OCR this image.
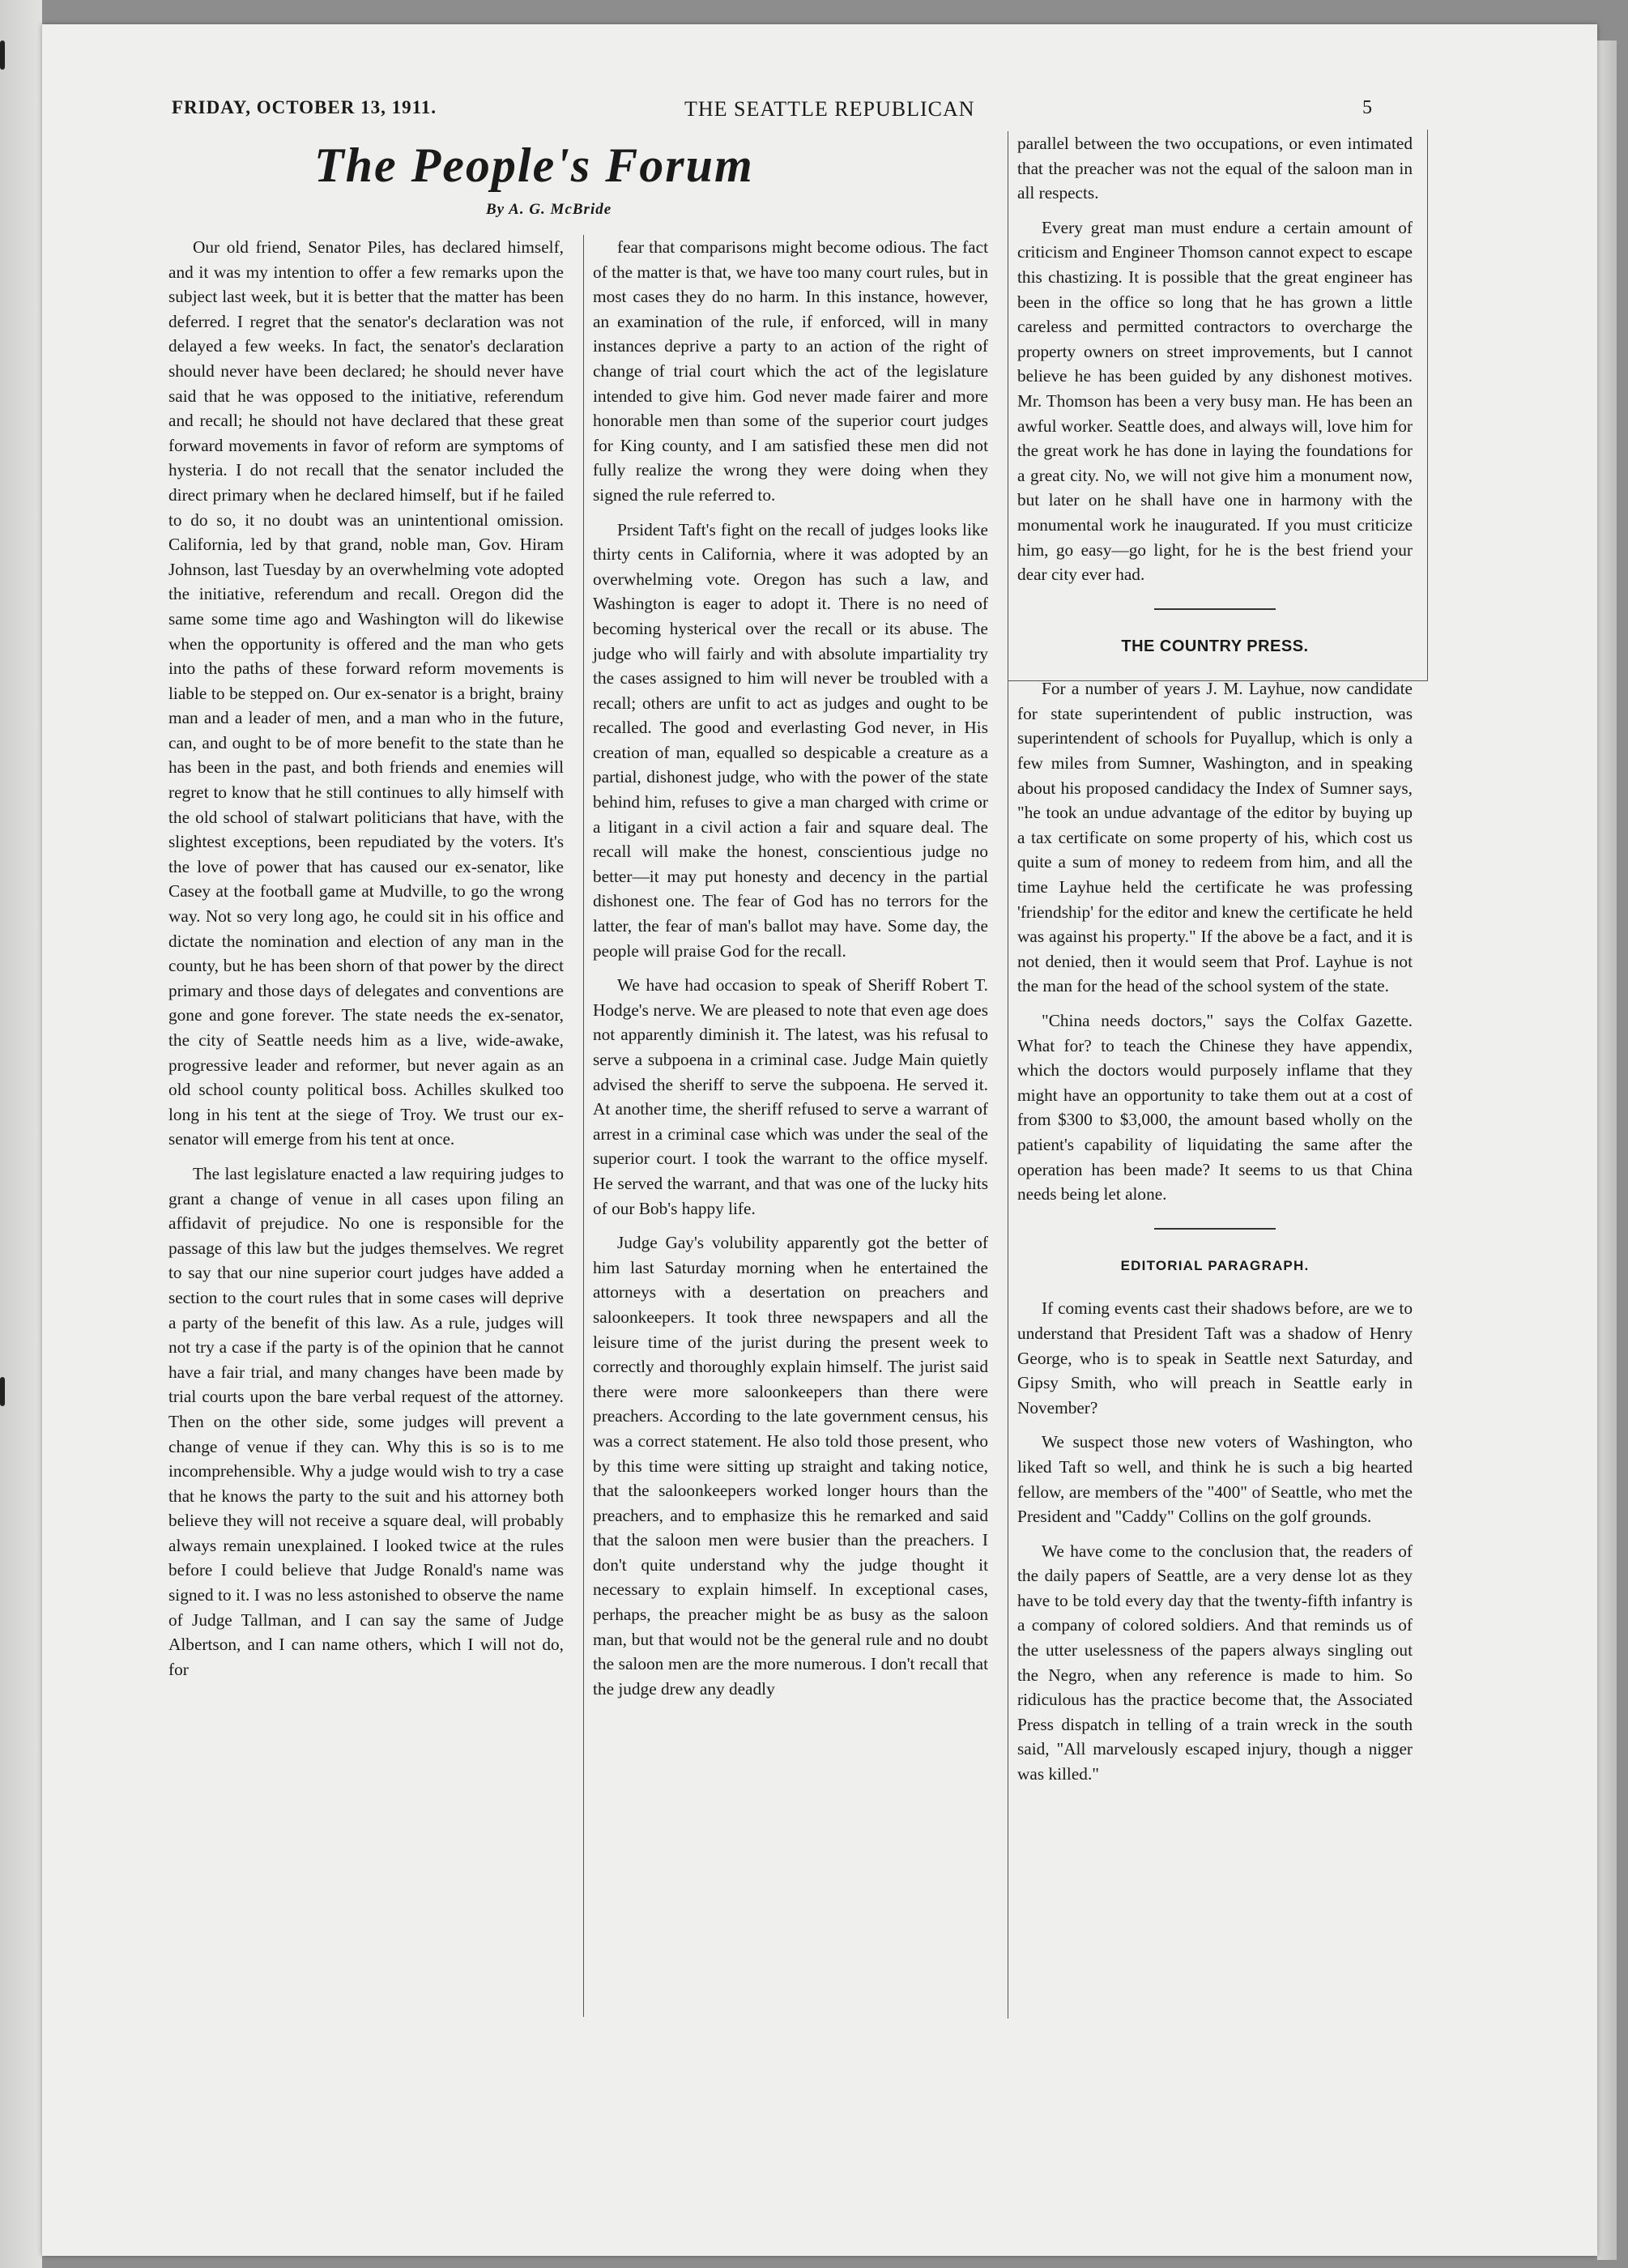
FRIDAY, OCTOBER 13, 1911.	THE SEATTLE REPUBLICAN	5
The People's Forum
By A. G. McBride

Our old friend, Senator Piles, has declared himself, and it was my intention to offer a few remarks upon the subject last week, but it is better that the matter has been deferred. I regret that the senator's declaration was not delayed a few weeks. In fact, the senator's declaration should never have been declared; he should never have said that he was opposed to the initiative, referendum and recall; he should not have declared that these great forward movements in favor of reform are symptoms of hysteria. I do not recall that the senator included the direct primary when he declared himself, but if he failed to do so, it no doubt was an unintentional omission. California, led by that grand, noble man, Gov. Hiram Johnson, last Tuesday by an overwhelming vote adopted the initiative, referendum and recall. Oregon did the same some time ago and Washington will do likewise when the opportunity is offered and the man who gets into the paths of these forward reform movements is liable to be stepped on. Our ex-senator is a bright, brainy man and a leader of men, and a man who in the future, can, and ought to be of more benefit to the state than he has been in the past, and both friends and enemies will regret to know that he still continues to ally himself with the old school of stalwart politicians that have, with the slightest exceptions, been repudiated by the voters. It's the love of power that has caused our ex-senator, like Casey at the football game at Mudville, to go the wrong way. Not so very long ago, he could sit in his office and dictate the nomination and election of any man in the county, but he has been shorn of that power by the direct primary and those days of delegates and conventions are gone and gone forever. The state needs the ex-senator, the city of Seattle needs him as a live, wide-awake, progressive leader and reformer, but never again as an old school county political boss. Achilles skulked too long in his tent at the siege of Troy. We trust our ex-senator will emerge from his tent at once.

The last legislature enacted a law requiring judges to grant a change of venue in all cases upon filing an affidavit of prejudice. No one is responsible for the passage of this law but the judges themselves. We regret to say that our nine superior court judges have added a section to the court rules that in some cases will deprive a party of the benefit of this law. As a rule, judges will not try a case if the party is of the opinion that he cannot have a fair trial, and many changes have been made by trial courts upon the bare verbal request of the attorney. Then on the other side, some judges will prevent a change of venue if they can. Why this is so is to me incomprehensible. Why a judge would wish to try a case that he knows the party to the suit and his attorney both believe they will not receive a square deal, will probably always remain unexplained. I looked twice at the rules before I could believe that Judge Ronald's name was signed to it. I was no less astonished to observe the name of Judge Tallman, and I can say the same of Judge Albertson, and I can name others, which I will not do, for

fear that comparisons might become odious. The fact of the matter is that, we have too many court rules, but in most cases they do no harm. In this instance, however, an examination of the rule, if enforced, will in many instances deprive a party to an action of the right of change of trial court which the act of the legislature intended to give him. God never made fairer and more honorable men than some of the superior court judges for King county, and I am satisfied these men did not fully realize the wrong they were doing when they signed the rule referred to.

Prsident Taft's fight on the recall of judges looks like thirty cents in California, where it was adopted by an overwhelming vote. Oregon has such a law, and Washington is eager to adopt it. There is no need of becoming hysterical over the recall or its abuse. The judge who will fairly and with absolute impartiality try the cases assigned to him will never be troubled with a recall; others are unfit to act as judges and ought to be recalled. The good and everlasting God never, in His creation of man, equalled so despicable a creature as a partial, dishonest judge, who with the power of the state behind him, refuses to give a man charged with crime or a litigant in a civil action a fair and square deal. The recall will make the honest, conscientious judge no better—it may put honesty and decency in the partial dishonest one. The fear of God has no terrors for the latter, the fear of man's ballot may have. Some day, the people will praise God for the recall.

We have had occasion to speak of Sheriff Robert T. Hodge's nerve. We are pleased to note that even age does not apparently diminish it. The latest, was his refusal to serve a subpoena in a criminal case. Judge Main quietly advised the sheriff to serve the subpoena. He served it. At another time, the sheriff refused to serve a warrant of arrest in a criminal case which was under the seal of the superior court. I took the warrant to the office myself. He served the warrant, and that was one of the lucky hits of our Bob's happy life.

Judge Gay's volubility apparently got the better of him last Saturday morning when he entertained the attorneys with a desertation on preachers and saloonkeepers. It took three newspapers and all the leisure time of the jurist during the present week to correctly and thoroughly explain himself. The jurist said there were more saloonkeepers than there were preachers. According to the late government census, his was a correct statement. He also told those present, who by this time were sitting up straight and taking notice, that the saloonkeepers worked longer hours than the preachers, and to emphasize this he remarked and said that the saloon men were busier than the preachers. I don't quite understand why the judge thought it necessary to explain himself. In exceptional cases, perhaps, the preacher might be as busy as the saloon man, but that would not be the general rule and no doubt the saloon men are the more numerous. I don't recall that the judge drew any deadly

parallel between the two occupations, or even intimated that the preacher was not the equal of the saloon man in all respects.

Every great man must endure a certain amount of criticism and Engineer Thomson cannot expect to escape this chastizing. It is possible that the great engineer has been in the office so long that he has grown a little careless and permitted contractors to overcharge the property owners on street improvements, but I cannot believe he has been guided by any dishonest motives. Mr. Thomson has been a very busy man. He has been an awful worker. Seattle does, and always will, love him for the great work he has done in laying the foundations for a great city. No, we will not give him a monument now, but later on he shall have one in harmony with the monumental work he inaugurated. If you must criticize him, go easy—go light, for he is the best friend your dear city ever had.

THE COUNTRY PRESS.

For a number of years J. M. Layhue, now candidate for state superintendent of public instruction, was superintendent of schools for Puyallup, which is only a few miles from Sumner, Washington, and in speaking about his proposed candidacy the Index of Sumner says, "he took an undue advantage of the editor by buying up a tax certificate on some property of his, which cost us quite a sum of money to redeem from him, and all the time Layhue held the certificate he was professing 'friendship' for the editor and knew the certificate he held was against his property." If the above be a fact, and it is not denied, then it would seem that Prof. Layhue is not the man for the head of the school system of the state.

"China needs doctors," says the Colfax Gazette. What for? to teach the Chinese they have appendix, which the doctors would purposely inflame that they might have an opportunity to take them out at a cost of from $300 to $3,000, the amount based wholly on the patient's capability of liquidating the same after the operation has been made? It seems to us that China needs being let alone.

EDITORIAL PARAGRAPH.

If coming events cast their shadows before, are we to understand that President Taft was a shadow of Henry George, who is to speak in Seattle next Saturday, and Gipsy Smith, who will preach in Seattle early in November?

We suspect those new voters of Washington, who liked Taft so well, and think he is such a big hearted fellow, are members of the "400" of Seattle, who met the President and "Caddy" Collins on the golf grounds.

We have come to the conclusion that, the readers of the daily papers of Seattle, are a very dense lot as they have to be told every day that the twenty-fifth infantry is a company of colored soldiers. And that reminds us of the utter uselessness of the papers always singling out the Negro, when any reference is made to him. So ridiculous has the practice become that, the Associated Press dispatch in telling of a train wreck in the south said, "All marvelously escaped injury, though a nigger was killed."
